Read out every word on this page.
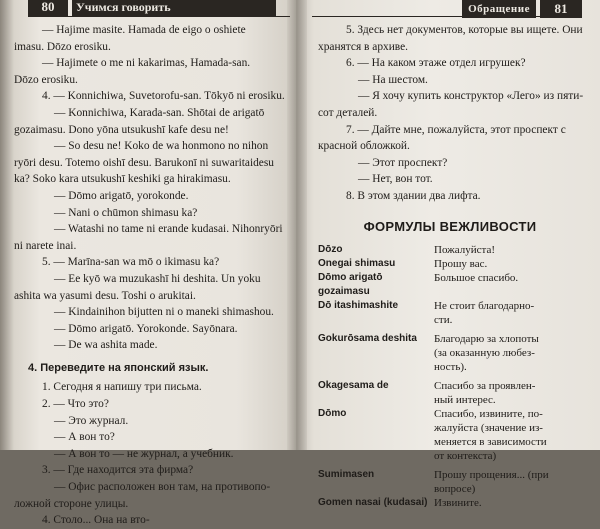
80	Учимся говорить
— Hajime masite. Hamada de eigo o oshiete
imasu. Dōzo erosiku.
— Hajimete o me ni kakarimas, Hamada-san.
Dōzo erosiku.
4. — Konnichiwa, Suvetorofu-san. Tōkyō ni erosiku.
— Konnichiwa, Karada-san. Shōtai de arigatō
gozaimasu. Dono yōna utsukushī kafe desu ne!
— So desu ne! Koko de wa honmono no nihon
ryōri desu. Totemo oishī desu. Barukonī ni suwaritaidesu
ka? Soko kara utsukushī keshiki ga hirakimasu.
— Dōmo arigatō, yorokonde.
— Nani o chūmon shimasu ka?
— Watashi no tame ni erande kudasai. Nihonryōri
ni narete inai.
5. — Marīna-san wa mō o ikimasu ka?
— Ee kyō wa muzukashī hi deshita. Un yoku
ashita wa yasumi desu. Toshi o arukitai.
— Kindainihon bijutten ni o maneki shimashou.
— Dōmo arigatō. Yorokonde. Sayōnara.
— De wa ashita made.
4. Переведите на японский язык.
1. Сегодня я напишу три письма.
2. — Что это?
— Это журнал.
— А вон то?
— А вон то — не журнал, а учебник.
3. — Где находится эта фирма?
— Офис расположен вон там, на противопо-
ложной стороне улицы.
4. Столо... Она на вто-
Обращение	81
5. Здесь нет документов, которые вы ищете. Они
хранятся в архиве.
6. — На каком этаже отдел игрушек?
— На шестом.
— Я хочу купить конструктор «Лего» из пяти-
сот деталей.
7. — Дайте мне, пожалуйста, этот проспект с
красной обложкой.
— Этот проспект?
— Нет, вон тот.
8. В этом здании два лифта.
ФОРМУЛЫ ВЕЖЛИВОСТИ
Dōzo	Пожалуйста!

Onegai shimasu	Прошу вас.

Dōmo arigatō gozaimasu	Большое спасибо.

Dō itashimashite	Не стоит благодарно-
сти.

Gokurōsama deshita	Благодарю за хлопоты
(за оказанную любез-
ность).

Okagesama de	Спасибо за проявлен-
ный интерес.

Dōmo	Спасибо, извините, по-
жалуйста (значение из-
меняется в зависимости
от контекста)

Sumimasen	Прошу прощения... (при
вопросе)

Gomen nasai (kudasai)	Извините.
